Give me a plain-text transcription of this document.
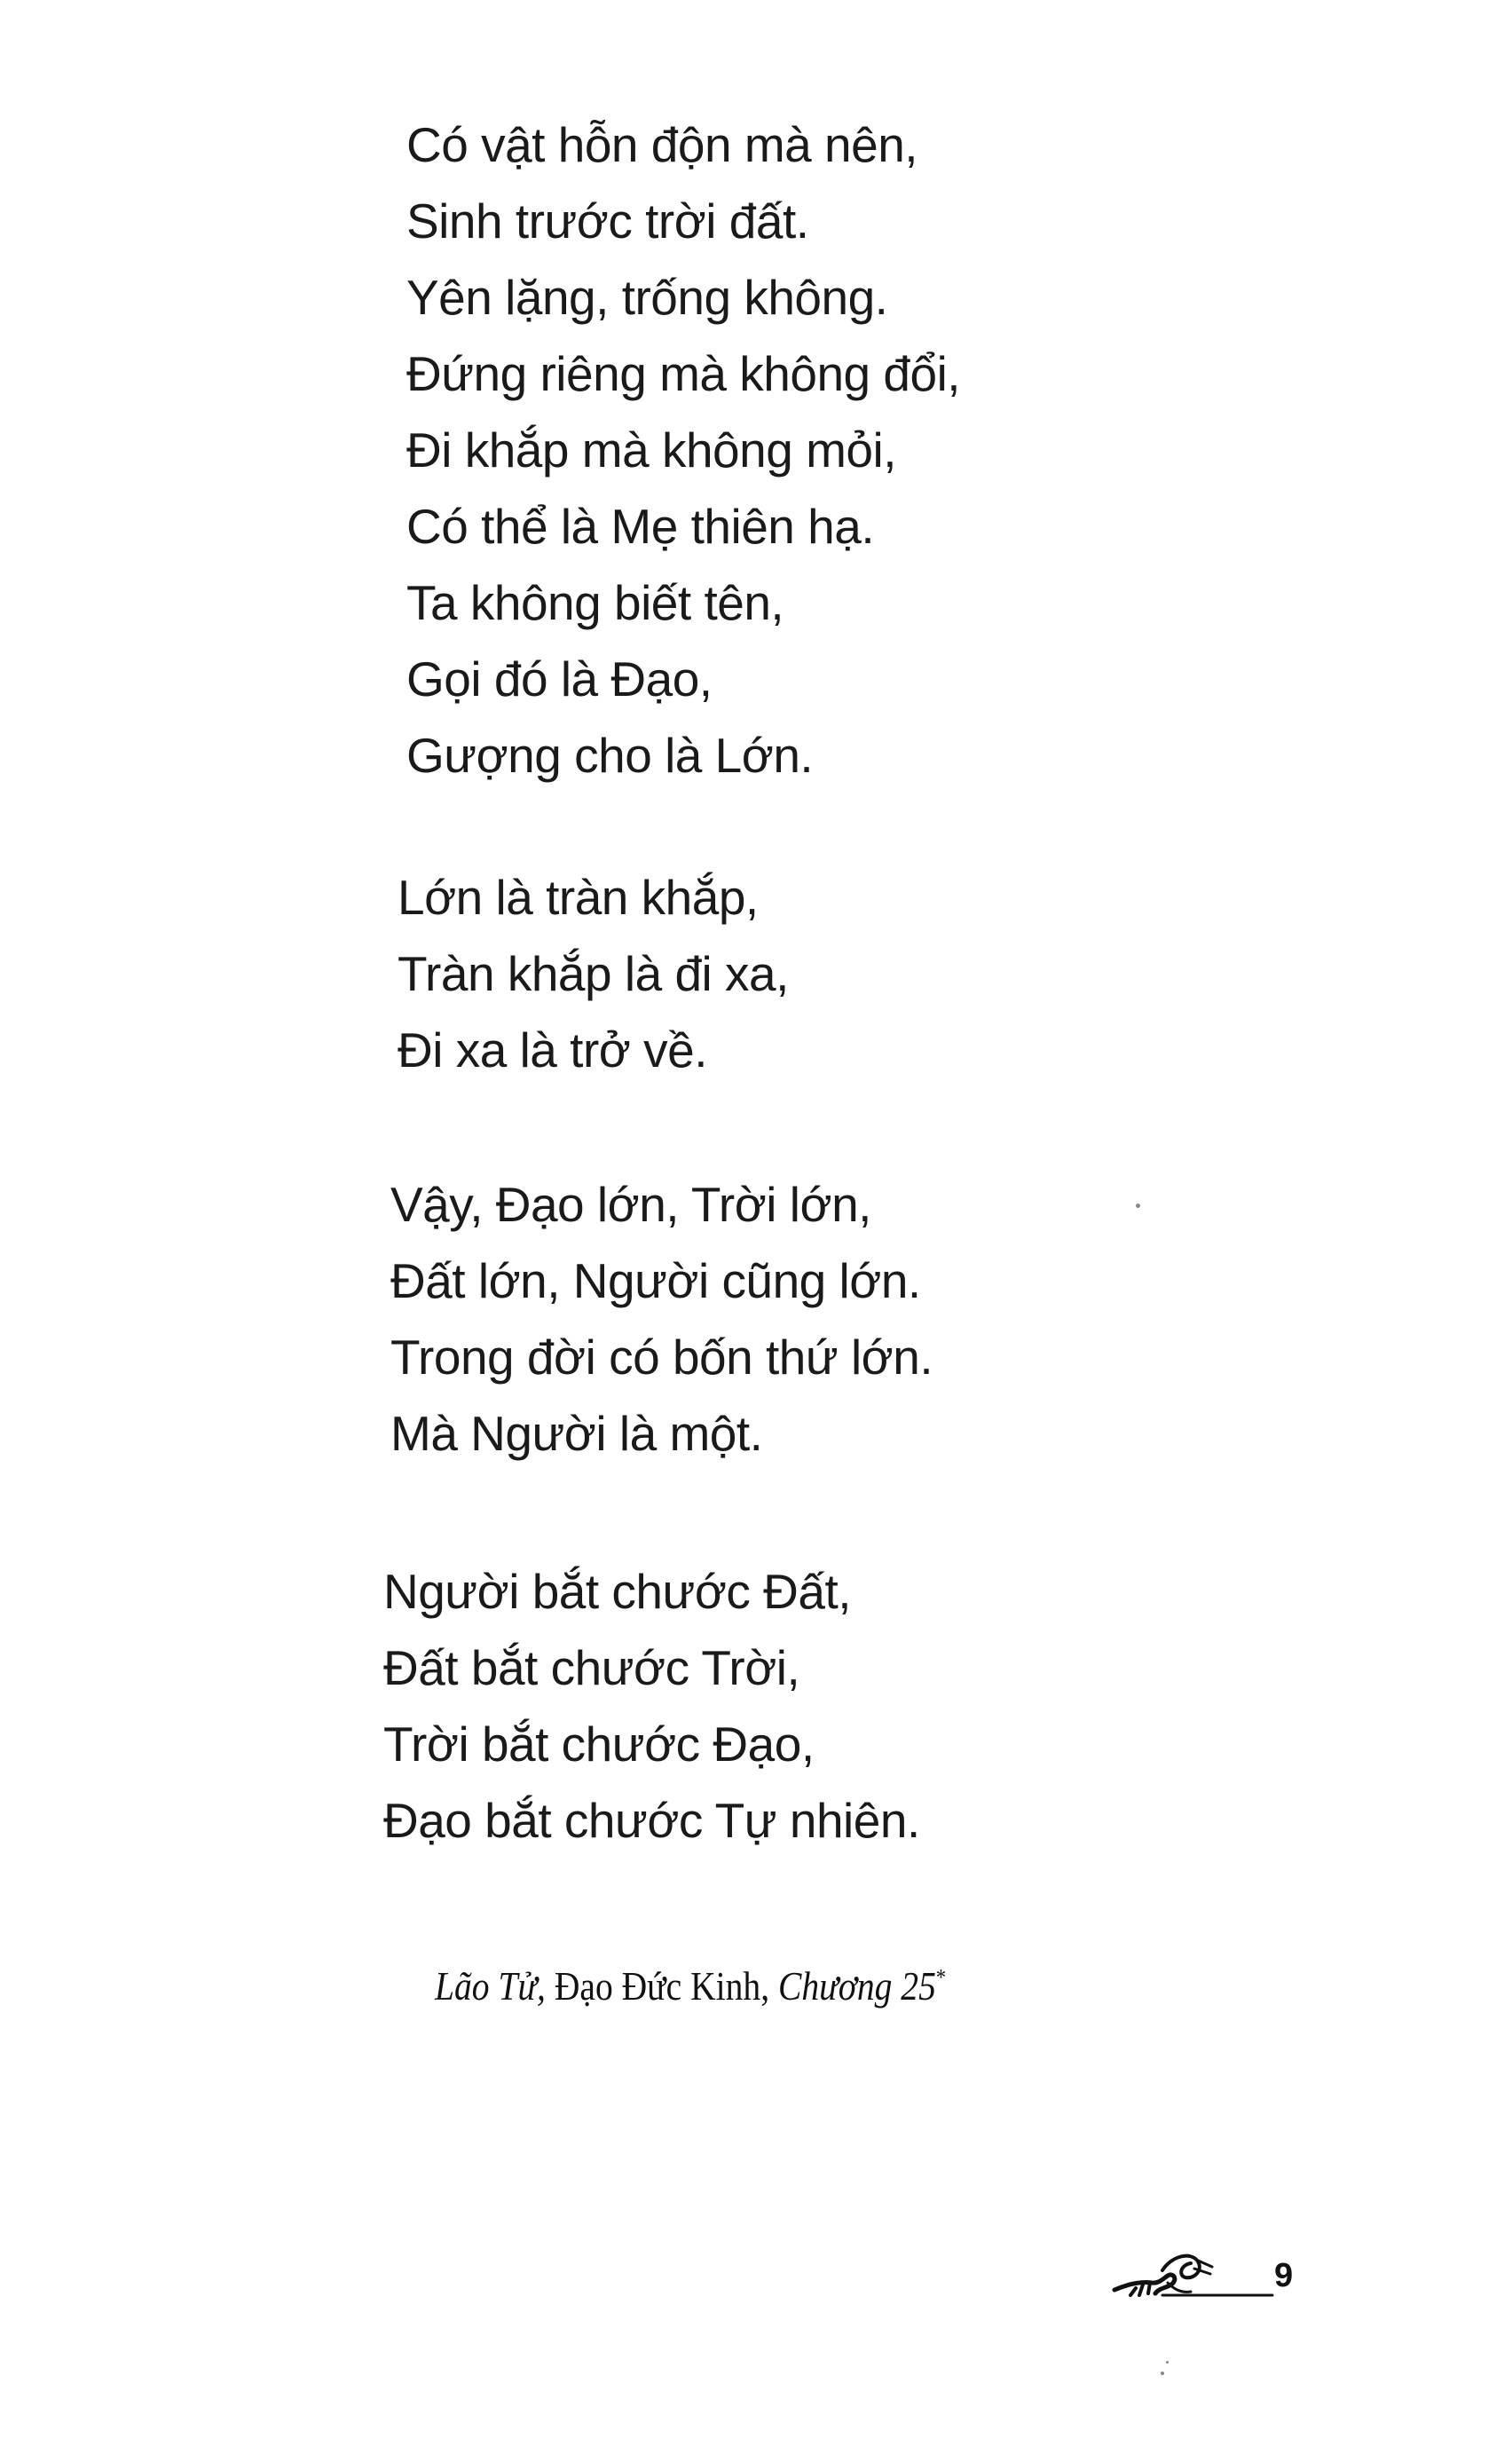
Có vật hỗn độn mà nên,
Sinh trước trời đất.
Yên lặng, trống không.
Đứng riêng mà không đổi,
Đi khắp mà không mỏi,
Có thể là Mẹ thiên hạ.
Ta không biết tên,
Gọi đó là Đạo,
Gượng cho là Lớn.
Lớn là tràn khắp,
Tràn khắp là đi xa,
Đi xa là trở về.
Vậy, Đạo lớn, Trời lớn,
Đất lớn, Người cũng lớn.
Trong đời có bốn thứ lớn.
Mà Người là một.
Người bắt chước Đất,
Đất bắt chước Trời,
Trời bắt chước Đạo,
Đạo bắt chước Tự nhiên.
Lão Tử, Đạo Đức Kinh, Chương 25*
9
